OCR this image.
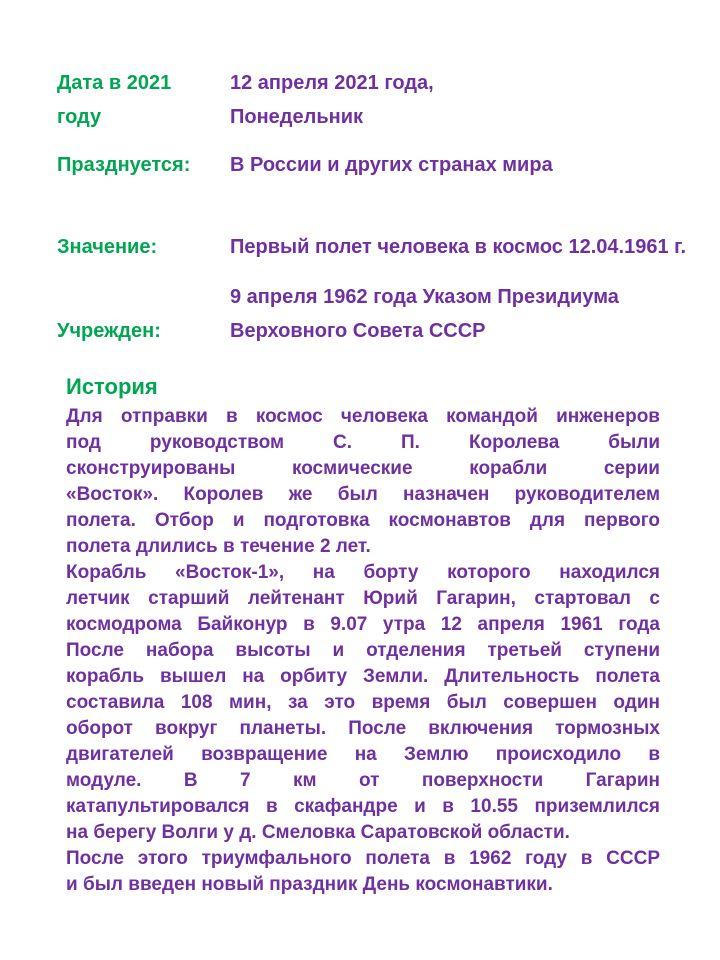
Дата в 2021
году
12 апреля 2021 года,
Понедельник
Празднуется:	В России и других странах мира
Значение:	Первый полет человека в космос 12.04.1961 г.
Учрежден:
9 апреля 1962 года Указом Президиума
Верховного Совета СССР
История
Для отправки в космос человека командой инженеров
под руководством С. П. Королева были
сконструированы космические корабли серии
«Восток». Королев же был назначен руководителем
полета. Отбор и подготовка космонавтов для первого
полета длились в течение 2 лет.
Корабль «Восток-1», на борту которого находился
летчик старший лейтенант Юрий Гагарин, стартовал с
космодрома Байконур в 9.07 утра 12 апреля 1961 года
После набора высоты и отделения третьей ступени
корабль вышел на орбиту Земли. Длительность полета
составила 108 мин, за это время был совершен один
оборот вокруг планеты. После включения тормозных
двигателей возвращение на Землю происходило в
модуле. В 7 км от поверхности Гагарин
катапультировался в скафандре и в 10.55 приземлился
на берегу Волги у д. Смеловка Саратовской области.
После этого триумфального полета в 1962 году в СССР
и был введен новый праздник День космонавтики.
